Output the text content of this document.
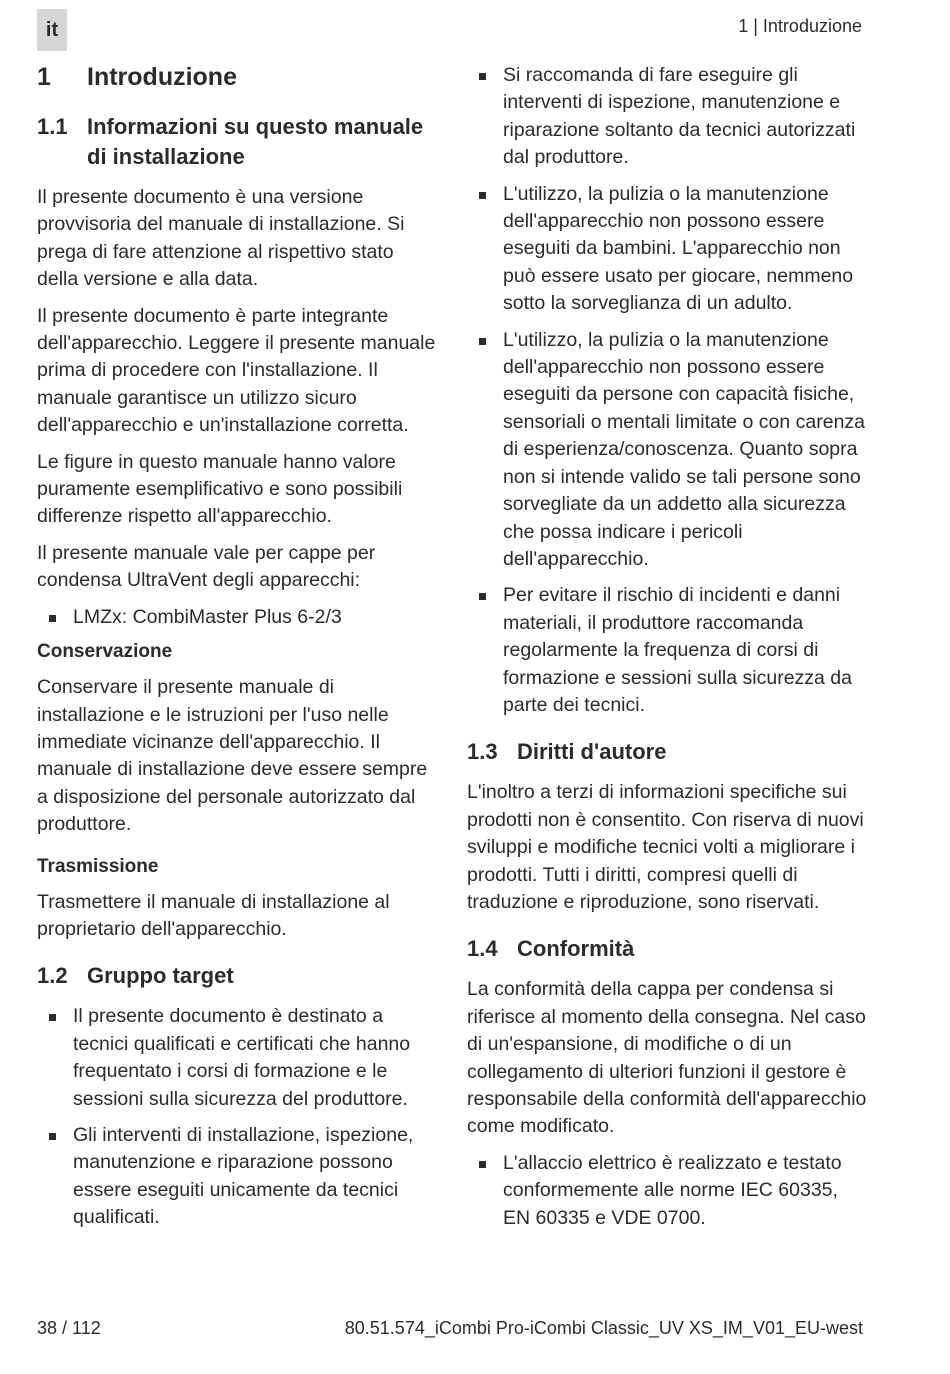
it	1 | Introduzione
1	Introduzione
1.1 Informazioni su questo manuale di installazione

Il presente documento è una versione provvisoria del manuale di installazione. Si prega di fare attenzione al rispettivo stato della versione e alla data.

Il presente documento è parte integrante dell'apparecchio. Leggere il presente manuale prima di procedere con l'installazione. Il manuale garantisce un utilizzo sicuro dell'apparecchio e un'installazione corretta.

Le figure in questo manuale hanno valore puramente esemplificativo e sono possibili differenze rispetto all'apparecchio.

Il presente manuale vale per cappe per condensa UltraVent degli apparecchi:

LMZx: CombiMaster Plus 6-2/3
Conservazione

Conservare il presente manuale di installazione e le istruzioni per l'uso nelle immediate vicinanze dell'apparecchio. Il manuale di installazione deve essere sempre a disposizione del personale autorizzato dal produttore.

Trasmissione

Trasmettere il manuale di installazione al proprietario dell'apparecchio.

1.2 Gruppo target
Il presente documento è destinato a tecnici qualificati e certificati che hanno frequentato i corsi di formazione e le sessioni sulla sicurezza del produttore.
Gli interventi di installazione, ispezione, manutenzione e riparazione possono essere eseguiti unicamente da tecnici qualificati.
Si raccomanda di fare eseguire gli interventi di ispezione, manutenzione e riparazione soltanto da tecnici autorizzati dal produttore.
L'utilizzo, la pulizia o la manutenzione dell'apparecchio non possono essere eseguiti da bambini. L'apparecchio non può essere usato per giocare, nemmeno sotto la sorveglianza di un adulto.
L'utilizzo, la pulizia o la manutenzione dell'apparecchio non possono essere eseguiti da persone con capacità fisiche, sensoriali o mentali limitate o con carenza di esperienza/conoscenza. Quanto sopra non si intende valido se tali persone sono sorvegliate da un addetto alla sicurezza che possa indicare i pericoli dell'apparecchio.
Per evitare il rischio di incidenti e danni materiali, il produttore raccomanda regolarmente la frequenza di corsi di formazione e sessioni sulla sicurezza da parte dei tecnici.
1.3 Diritti d'autore

L'inoltro a terzi di informazioni specifiche sui prodotti non è consentito. Con riserva di nuovi sviluppi e modifiche tecnici volti a migliorare i prodotti. Tutti i diritti, compresi quelli di traduzione e riproduzione, sono riservati.

1.4 Conformità

La conformità della cappa per condensa si riferisce al momento della consegna. Nel caso di un'espansione, di modifiche o di un collegamento di ulteriori funzioni il gestore è responsabile della conformità dell'apparecchio come modificato.

L'allaccio elettrico è realizzato e testato conformemente alle norme IEC 60335, EN 60335 e VDE 0700.
38 / 112	80.51.574_iCombi Pro-iCombi Classic_UV XS_IM_V01_EU-west
